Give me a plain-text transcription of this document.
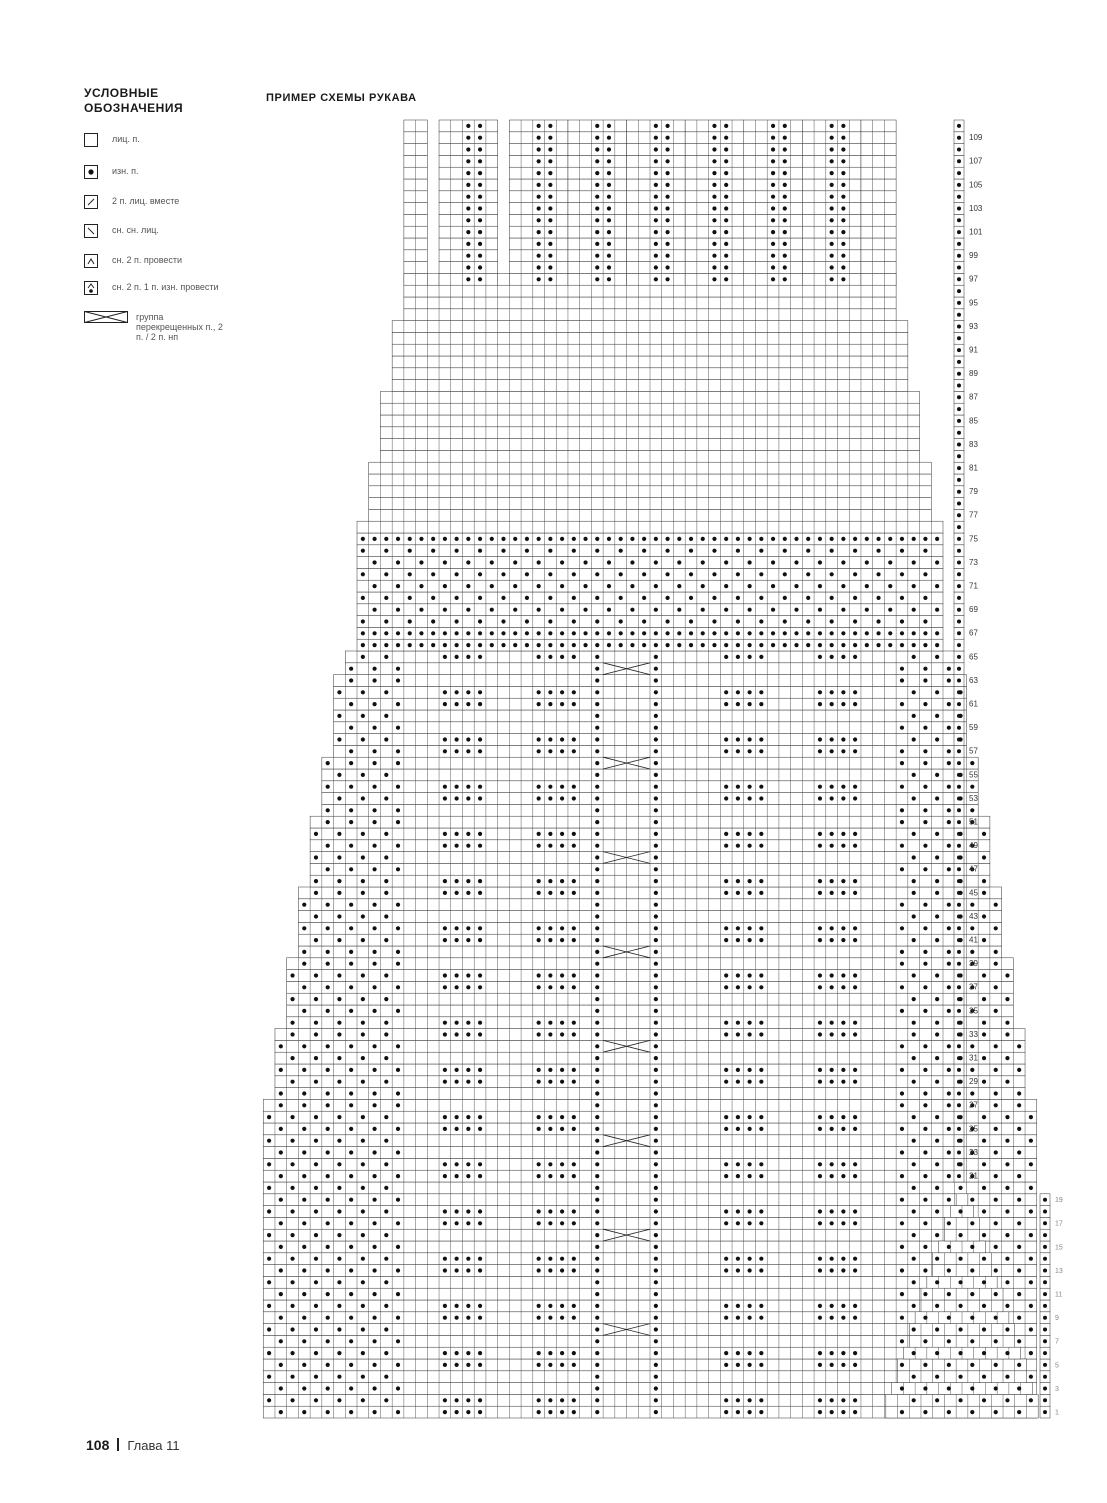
УСЛОВНЫЕ ОБОЗНАЧЕНИЯ
лиц. п.
изн. п.
2 п. лиц. вместе
сн. сн. лиц.
сн. 2 п. провести
сн. 2 п. 1 п. изн. провести
группа перекрещенных п., 2 п. / 2 п. нп
ПРИМЕР СХЕМЫ РУКАВА
109
107
105
103
101
99
97
95
93
91
89
87
85
83
81
79
77
75
73
71
69
67
65
63
61
59
57
55
53
51
49
47
45
43
41
39
37
35
33
31
29
27
25
23
21
19
17
15
13
11
9
7
5
3
1
108 Глава 11
